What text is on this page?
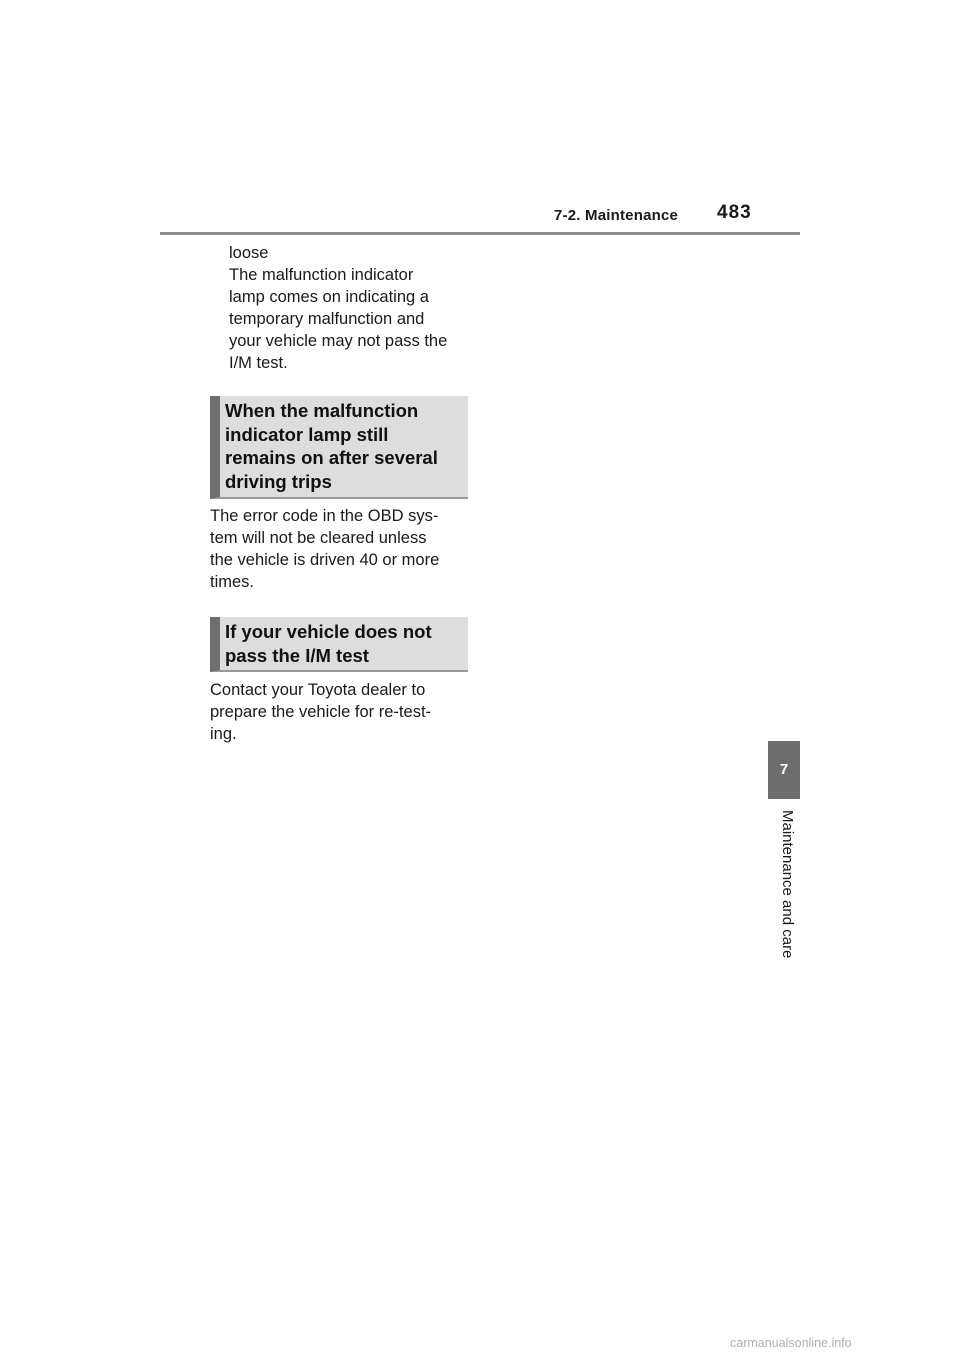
7-2. Maintenance 483
loose
The malfunction indicator
lamp comes on indicating a
temporary malfunction and
your vehicle may not pass the
I/M test.
When the malfunction
indicator lamp still
remains on after several
driving trips
The error code in the OBD sys-
tem will not be cleared unless
the vehicle is driven 40 or more
times.
If your vehicle does not
pass the I/M test
Contact your Toyota dealer to
prepare the vehicle for re-test-
ing.
7
Maintenance and care
carmanualsonline.info
